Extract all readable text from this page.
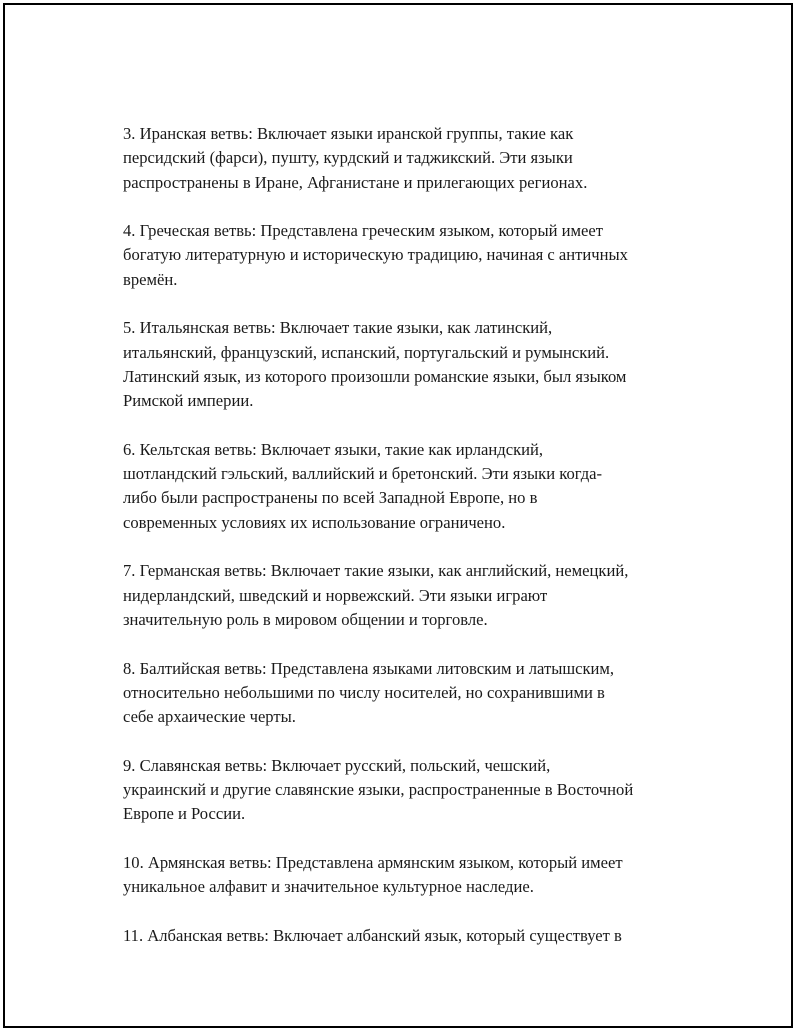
3. Иранская ветвь: Включает языки иранской группы, такие как
персидский (фарси), пушту, курдский и таджикский. Эти языки
распространены в Иране, Афганистане и прилегающих регионах.

4. Греческая ветвь: Представлена греческим языком, который имеет
богатую литературную и историческую традицию, начиная с античных
времён.

5. Итальянская ветвь: Включает такие языки, как латинский,
итальянский, французский, испанский, португальский и румынский.
Латинский язык, из которого произошли романские языки, был языком
Римской империи.

6. Кельтская ветвь: Включает языки, такие как ирландский,
шотландский гэльский, валлийский и бретонский. Эти языки когда-
либо были распространены по всей Западной Европе, но в
современных условиях их использование ограничено.

7. Германская ветвь: Включает такие языки, как английский, немецкий,
нидерландский, шведский и норвежский. Эти языки играют
значительную роль в мировом общении и торговле.

8. Балтийская ветвь: Представлена языками литовским и латышским,
относительно небольшими по числу носителей, но сохранившими в
себе архаические черты.

9. Славянская ветвь: Включает русский, польский, чешский,
украинский и другие славянские языки, распространенные в Восточной
Европе и России.

10. Армянская ветвь: Представлена армянским языком, который имеет
уникальное алфавит и значительное культурное наследие.

11. Албанская ветвь: Включает албанский язык, который существует в
